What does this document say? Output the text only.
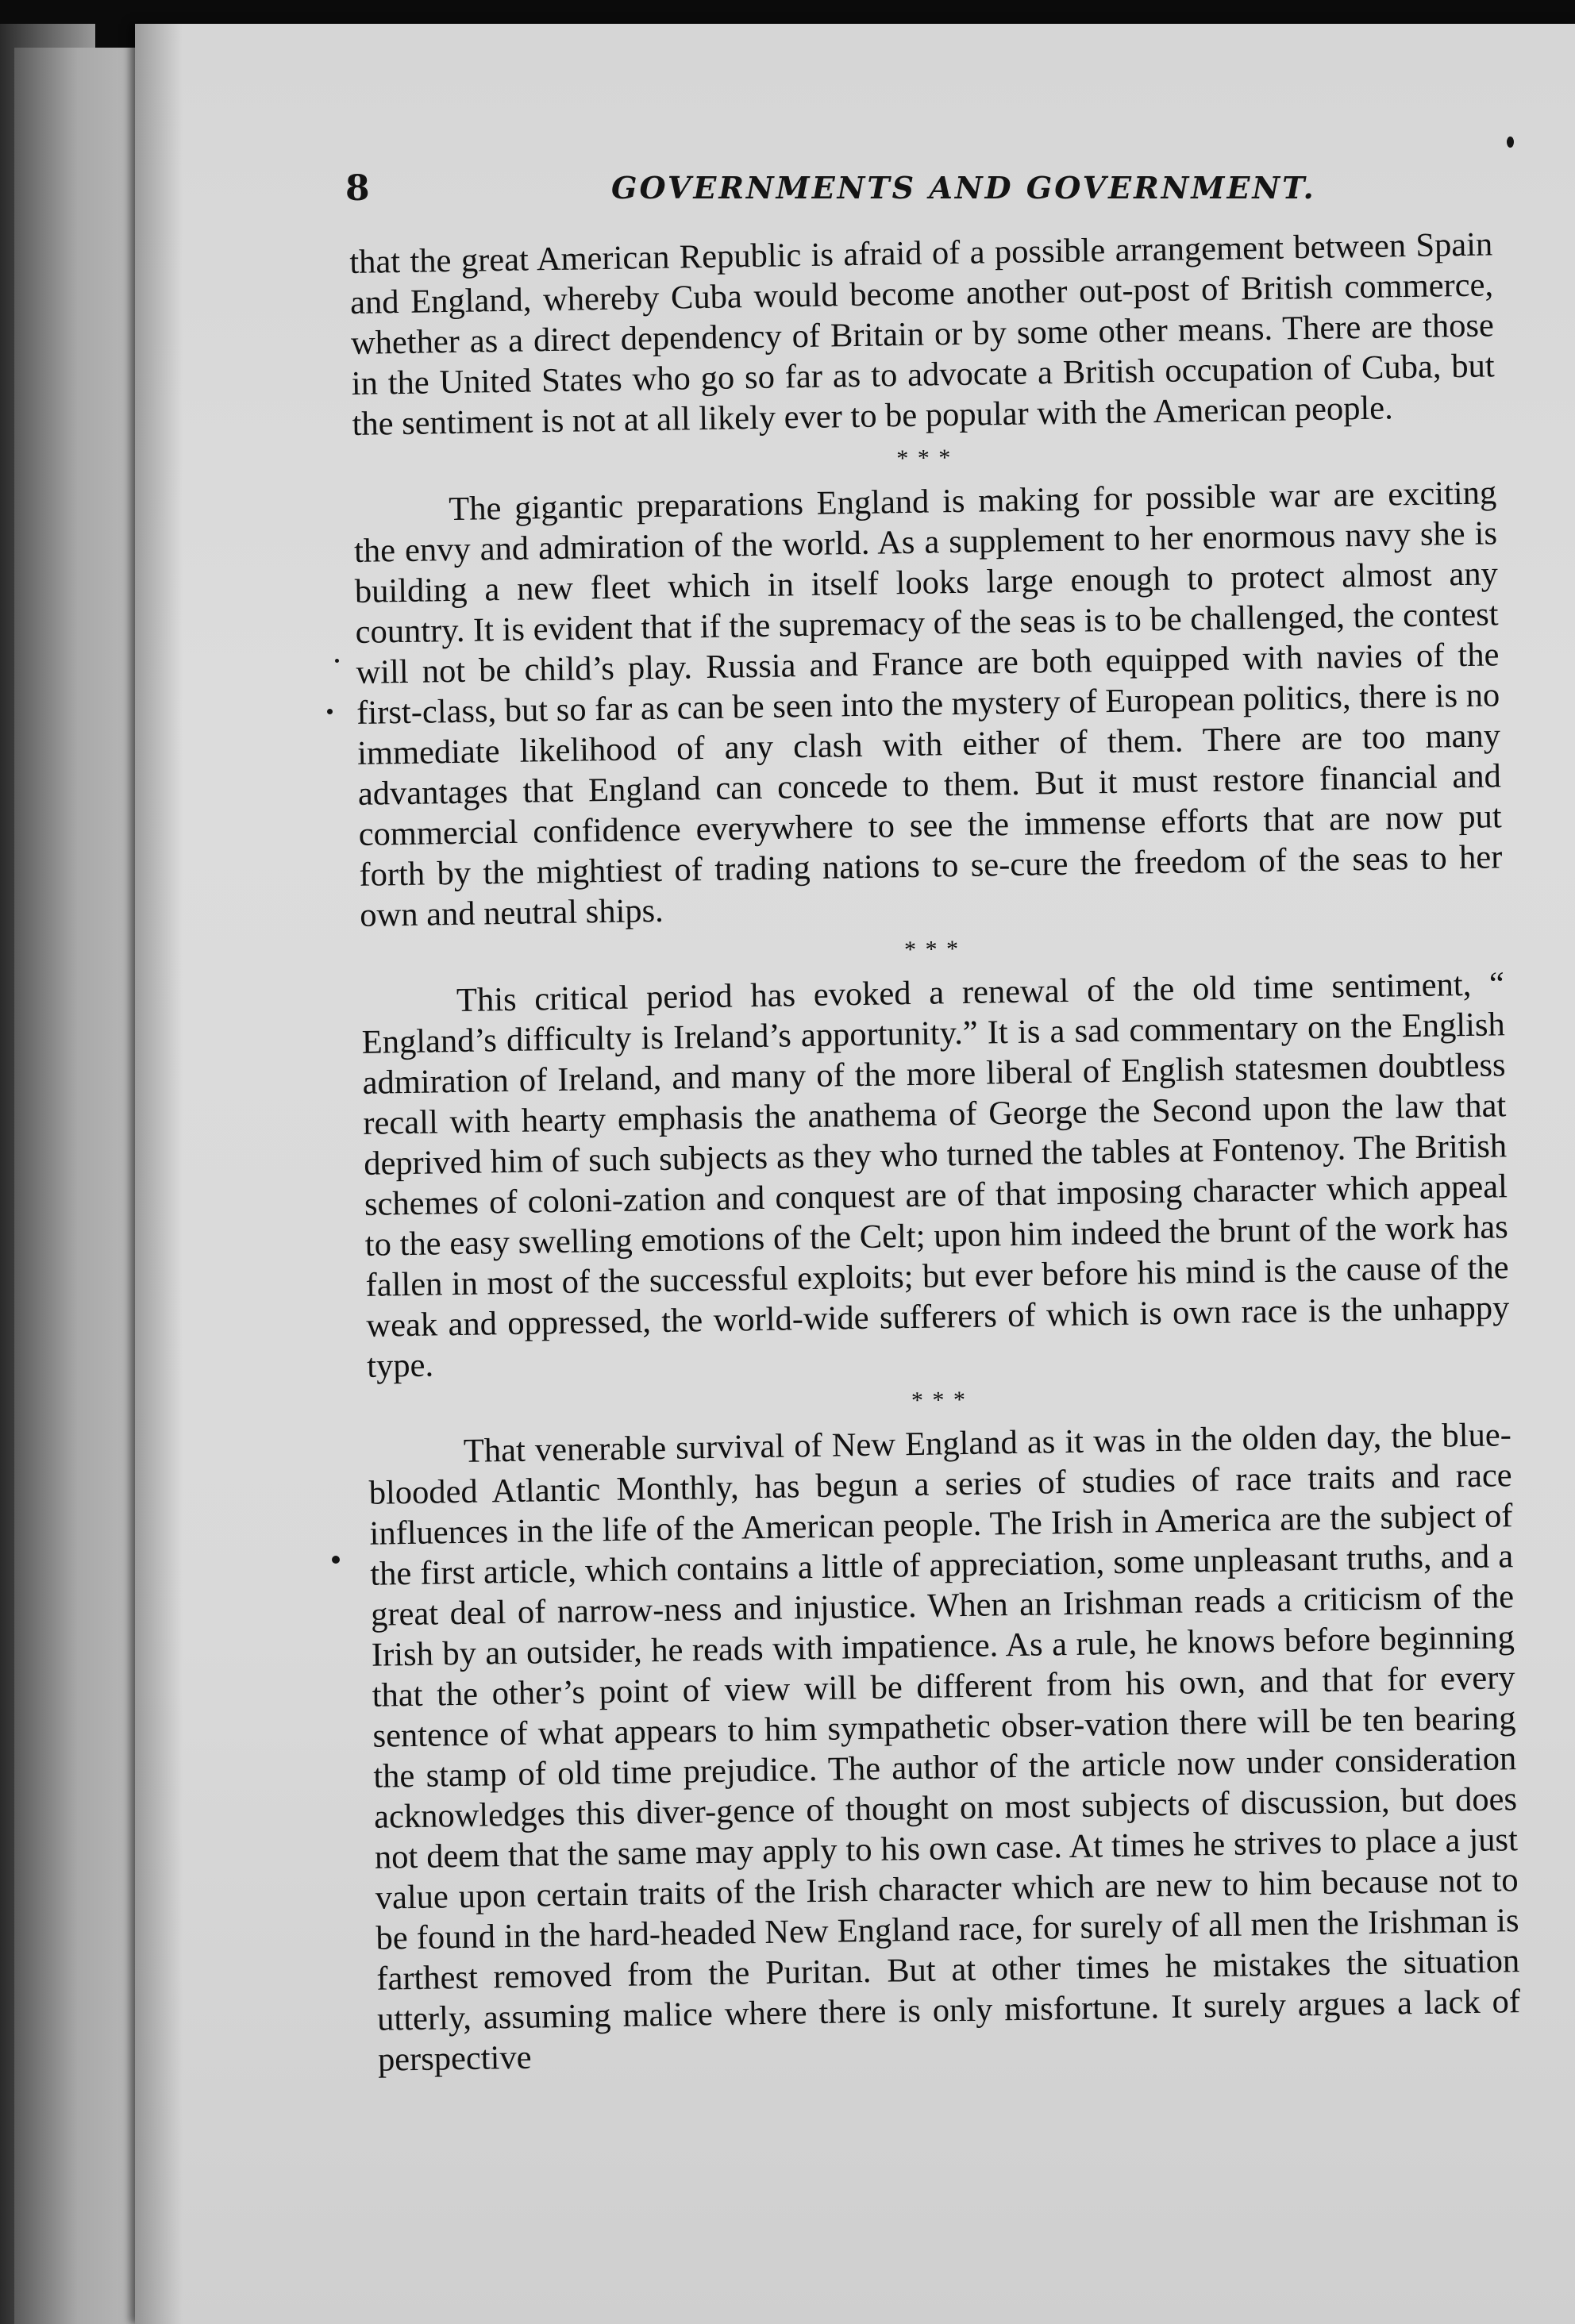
8	GOVERNMENTS AND GOVERNMENT.

that the great American Republic is afraid of a possible arrangement between Spain and England, whereby Cuba would become another out-post of British commerce, whether as a direct dependency of Britain or by some other means. There are those in the United States who go so far as to advocate a British occupation of Cuba, but the sentiment is not at all likely ever to be popular with the American people.

* * *

The gigantic preparations England is making for possible war are exciting the envy and admiration of the world. As a supplement to her enormous navy she is building a new fleet which in itself looks large enough to protect almost any country. It is evident that if the supremacy of the seas is to be challenged, the contest will not be child’s play. Russia and France are both equipped with navies of the first-class, but so far as can be seen into the mystery of European politics, there is no immediate likelihood of any clash with either of them. There are too many advantages that England can concede to them. But it must restore financial and commercial confidence everywhere to see the immense efforts that are now put forth by the mightiest of trading nations to se-cure the freedom of the seas to her own and neutral ships.

* * *

This critical period has evoked a renewal of the old time sentiment, “ England’s difficulty is Ireland’s apportunity.” It is a sad commentary on the English admiration of Ireland, and many of the more liberal of English statesmen doubtless recall with hearty emphasis the anathema of George the Second upon the law that deprived him of such subjects as they who turned the tables at Fontenoy. The British schemes of coloni-zation and conquest are of that imposing character which appeal to the easy swelling emotions of the Celt; upon him indeed the brunt of the work has fallen in most of the successful exploits; but ever before his mind is the cause of the weak and oppressed, the world-wide sufferers of which is own race is the unhappy type.

* * *

That venerable survival of New England as it was in the olden day, the blue-blooded Atlantic Monthly, has begun a series of studies of race traits and race influences in the life of the American people. The Irish in America are the subject of the first article, which contains a little of appreciation, some unpleasant truths, and a great deal of narrow-ness and injustice. When an Irishman reads a criticism of the Irish by an outsider, he reads with impatience. As a rule, he knows before beginning that the other’s point of view will be different from his own, and that for every sentence of what appears to him sympathetic obser-vation there will be ten bearing the stamp of old time prejudice. The author of the article now under consideration acknowledges this diver-gence of thought on most subjects of discussion, but does not deem that the same may apply to his own case. At times he strives to place a just value upon certain traits of the Irish character which are new to him because not to be found in the hard-headed New England race, for surely of all men the Irishman is farthest removed from the Puritan. But at other times he mistakes the situation utterly, assuming malice where there is only misfortune. It surely argues a lack of perspective
